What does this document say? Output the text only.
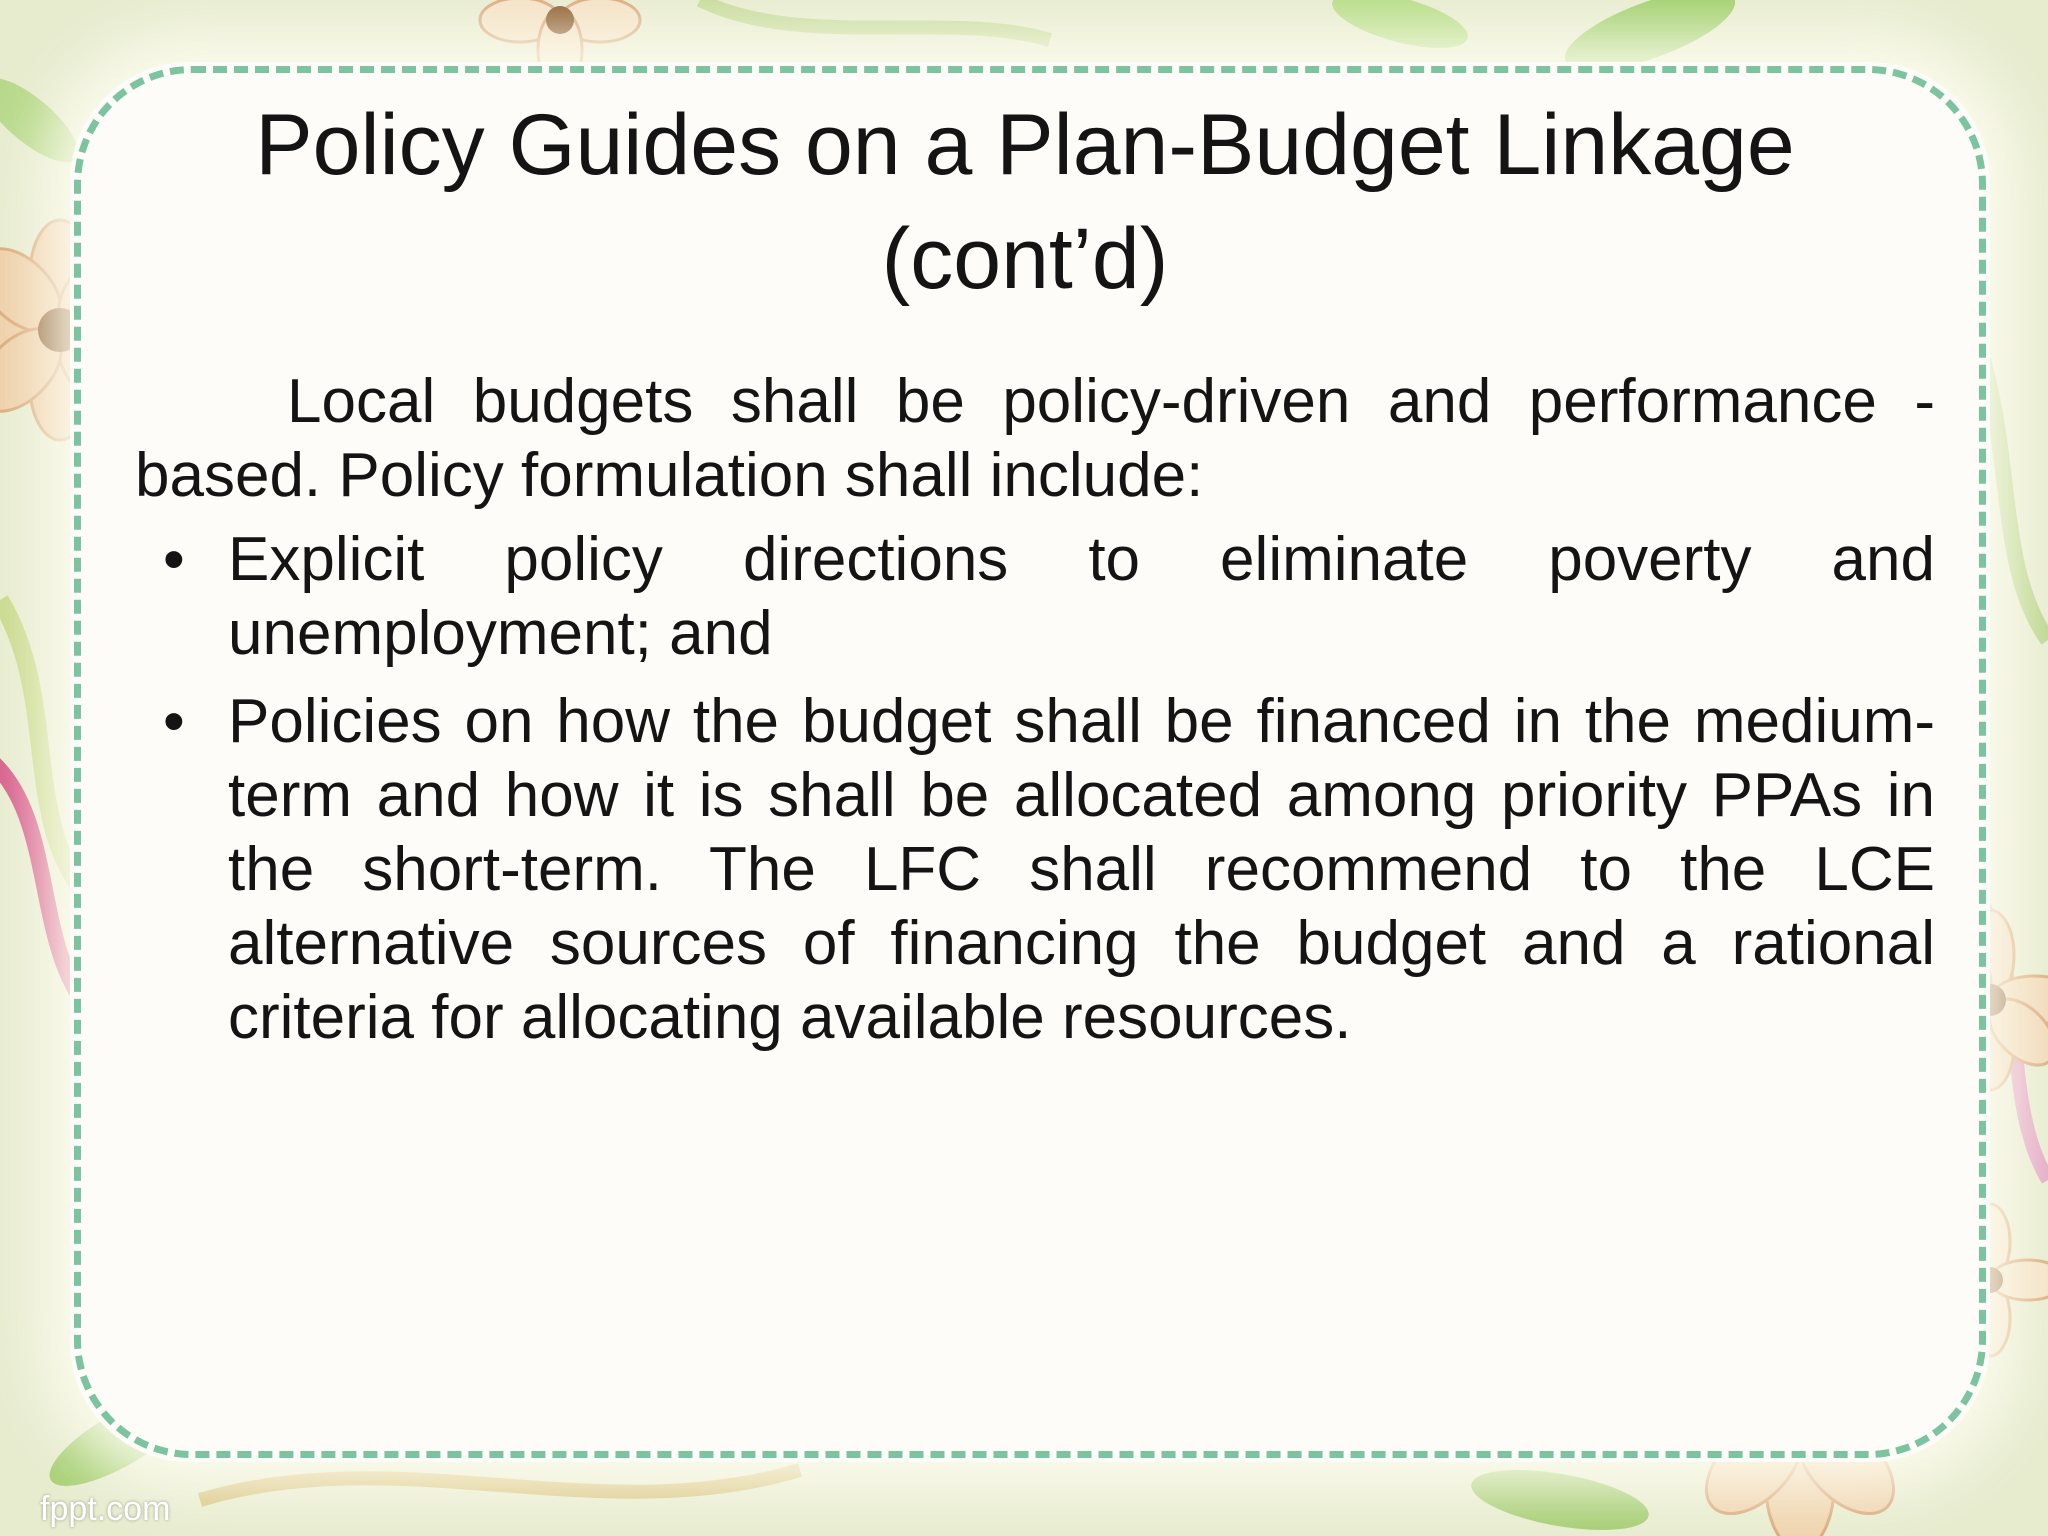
Policy Guides on a Plan-Budget Linkage
(cont’d)

Local budgets shall be policy-driven and performance - based. Policy formulation shall include:

• Explicit policy directions to eliminate poverty and unemployment; and
• Policies on how the budget shall be financed in the medium-term and how it is shall be allocated among priority PPAs in the short-term. The LFC shall recommend to the LCE alternative sources of financing the budget and a rational criteria for allocating available resources.
fppt.com
